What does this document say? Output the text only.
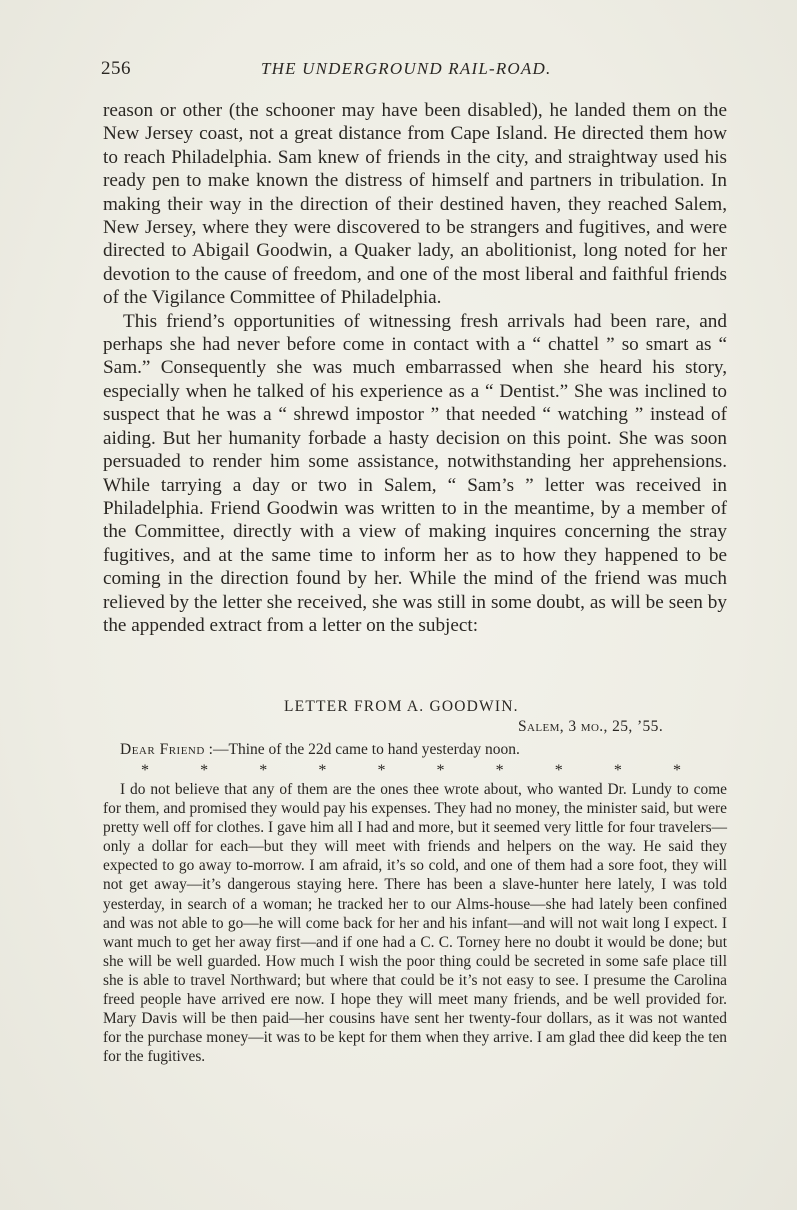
256	THE UNDERGROUND RAIL-ROAD.

reason or other (the schooner may have been disabled), he landed them on the New Jersey coast, not a great distance from Cape Island. He directed them how to reach Philadelphia. Sam knew of friends in the city, and straightway used his ready pen to make known the distress of himself and partners in tribulation. In making their way in the direction of their destined haven, they reached Salem, New Jersey, where they were discovered to be strangers and fugitives, and were directed to Abigail Goodwin, a Quaker lady, an abolitionist, long noted for her devotion to the cause of freedom, and one of the most liberal and faithful friends of the Vigilance Committee of Philadelphia.

This friend’s opportunities of witnessing fresh arrivals had been rare, and perhaps she had never before come in contact with a “ chattel ” so smart as “ Sam.” Consequently she was much embarrassed when she heard his story, especially when he talked of his experience as a “ Dentist.” She was inclined to suspect that he was a “ shrewd impostor ” that needed “ watching ” instead of aiding. But her humanity forbade a hasty decision on this point. She was soon persuaded to render him some assistance, notwithstanding her apprehensions. While tarrying a day or two in Salem, “ Sam’s ” letter was received in Philadelphia. Friend Goodwin was written to in the meantime, by a member of the Committee, directly with a view of making inquires concerning the stray fugitives, and at the same time to inform her as to how they happened to be coming in the direction found by her. While the mind of the friend was much relieved by the letter she received, she was still in some doubt, as will be seen by the appended extract from a letter on the subject:

LETTER FROM A. GOODWIN.
Salem, 3 mo., 25, ’55.
Dear Friend :—Thine of the 22d came to hand yesterday noon.
*	*	*	*	*	*	*	*	*	*

I do not believe that any of them are the ones thee wrote about, who wanted Dr. Lundy to come for them, and promised they would pay his expenses. They had no money, the minister said, but were pretty well off for clothes. I gave him all I had and more, but it seemed very little for four travelers—only a dollar for each—but they will meet with friends and helpers on the way. He said they expected to go away to-morrow. I am afraid, it’s so cold, and one of them had a sore foot, they will not get away—it’s dangerous staying here. There has been a slave-hunter here lately, I was told yesterday, in search of a woman; he tracked her to our Alms-house—she had lately been confined and was not able to go—he will come back for her and his infant—and will not wait long I expect. I want much to get her away first—and if one had a C. C. Torney here no doubt it would be done; but she will be well guarded. How much I wish the poor thing could be secreted in some safe place till she is able to travel Northward; but where that could be it’s not easy to see. I presume the Carolina freed people have arrived ere now. I hope they will meet many friends, and be well provided for. Mary Davis will be then paid—her cousins have sent her twenty-four dollars, as it was not wanted for the purchase money—it was to be kept for them when they arrive. I am glad thee did keep the ten for the fugitives.
